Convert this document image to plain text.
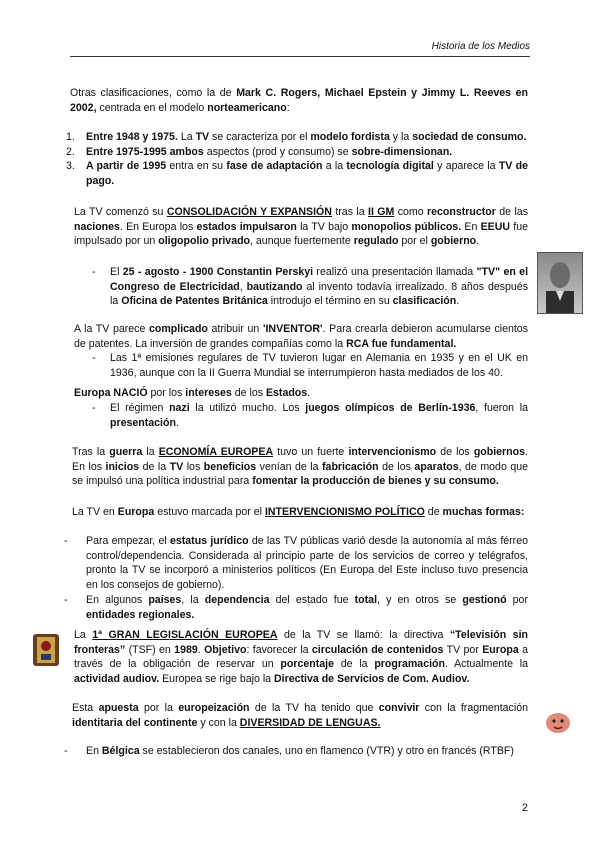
Historia de los Medios
Otras clasificaciones, como la de Mark C. Rogers, Michael Epstein y Jimmy L. Reeves en 2002, centrada en el modelo norteamericano:
1. Entre 1948 y 1975. La TV se caracteriza por el modelo fordista y la sociedad de consumo.
2. Entre 1975-1995 ambos aspectos (prod y consumo) se sobre-dimensionan.
3. A partir de 1995 entra en su fase de adaptación a la tecnología digital y aparece la TV de pago.
La TV comenzó su CONSOLIDACIÓN Y EXPANSIÓN tras la II GM como reconstructor de las naciones. En Europa los estados impulsaron la TV bajo monopolios públicos. En EEUU fue impulsado por un oligopolio privado, aunque fuertemente regulado por el gobierno.
- El 25 - agosto - 1900 Constantin Perskyi realizó una presentación llamada "TV" en el Congreso de Electricidad, bautizando al invento todavía irrealizado. 8 años después la Oficina de Patentes Británica introdujo el término en su clasificación.
A la TV parece complicado atribuir un 'INVENTOR'. Para crearla debieron acumularse cientos de patentes. La inversión de grandes compañías como la RCA fue fundamental.
- Las 1ª emisiones regulares de TV tuvieron lugar en Alemania en 1935 y en el UK en 1936, aunque con la II Guerra Mundial se interrumpieron hasta mediados de los 40.
Europa NACIÓ por los intereses de los Estados.
- El régimen nazi la utilizó mucho. Los juegos olímpicos de Berlín-1936, fueron la presentación.
Tras la guerra la ECONOMÍA EUROPEA tuvo un fuerte intervencionismo de los gobiernos. En los inicios de la TV los beneficios venían de la fabricación de los aparatos, de modo que se impulsó una política industrial para fomentar la producción de bienes y su consumo.
La TV en Europa estuvo marcada por el INTERVENCIONISMO POLÍTICO de muchas formas:
- Para empezar, el estatus jurídico de las TV públicas varió desde la autonomía al más férreo control/dependencia. Considerada al principio parte de los servicios de correo y telégrafos, pronto la TV se incorporó a ministerios políticos (En Europa del Este incluso tuvo presencia en los consejos de gobierno).
- En algunos países, la dependencia del estado fue total, y en otros se gestionó por entidades regionales.
La 1ª GRAN LEGISLACIÓN EUROPEA de la TV se llamó: la directiva “Televisión sin fronteras” (TSF) en 1989. Objetivo: favorecer la circulación de contenidos TV por Europa a través de la obligación de reservar un porcentaje de la programación. Actualmente la actividad audiov. Europea se rige bajo la Directiva de Servicios de Com. Audiov.
Esta apuesta por la europeización de la TV ha tenido que convivir con la fragmentación identitaria del continente y con la DIVERSIDAD DE LENGUAS.
- En Bélgica se establecieron dos canales, uno en flamenco (VTR) y otro en francés (RTBF)
2
